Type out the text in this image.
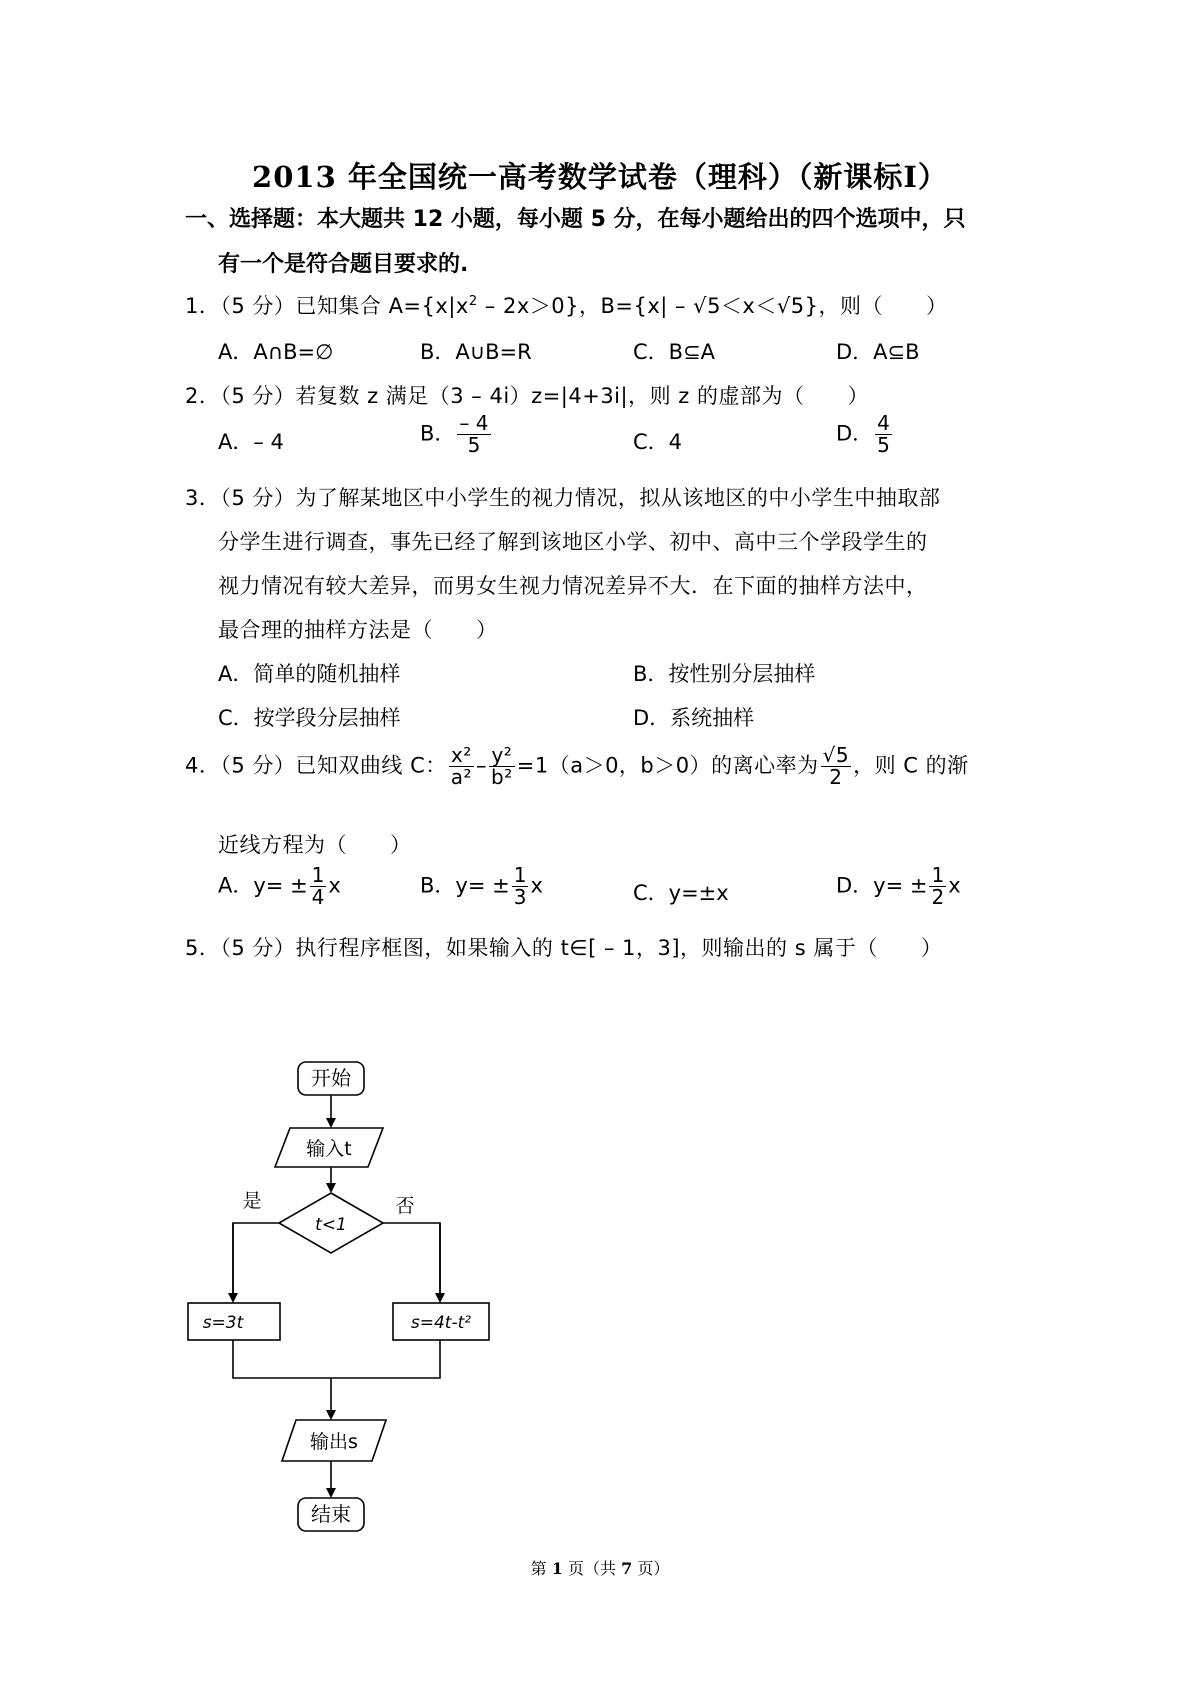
2013 年全国统一高考数学试卷（理科）（新课标Ⅰ）
一、选择题：本大题共 12 小题，每小题 5 分，在每小题给出的四个选项中，只
有一个是符合题目要求的.
1．（5 分）已知集合 $A=\{x|x^2 - 2x>0\}$，B={x| – √5＜x＜√5}，则（　　）
A．A∩B=∅	B．A∪B=R	C．B⊆A	D．A⊆B
2．（5 分）若复数 z 满足（3 – 4i）z=|4+3i|，则 z 的虚部为（　　）
A．– 4	B． $\frac{- 4}{5}$	C．4	D． $\frac{4}{5}$
3．（5 分）为了解某地区中小学生的视力情况，拟从该地区的中小学生中抽取部
分学生进行调查，事先已经了解到该地区小学、初中、高中三个学段学生的
视力情况有较大差异，而男女生视力情况差异不大．在下面的抽样方法中，
最合理的抽样方法是（　　）
A．简单的随机抽样	B．按性别分层抽样
C．按学段分层抽样	D．系统抽样
4．（5 分）已知双曲线 C： $\frac{\text{x²}}{\text{a²}} - \frac{\text{y²}}{\text{b²}} =1(a>0$，b＞0）的离心率为 $\frac{√5}{2}$ ，则 C 的渐
近线方程为（　　）
A．$y= \pm \frac{1}{4}$ x	B．$y= \pm \frac{1}{3}$ x	C．y=±x	D．$y= \pm \frac{1}{2}$ x
5．（5 分）执行程序框图，如果输入的 t∈[ – 1，3]，则输出的 s 属于（　　）
开始
输入t
t<1
是	否
s=3t	s=4t-t²
输出s
结束
第 1 页（共 7 页）
